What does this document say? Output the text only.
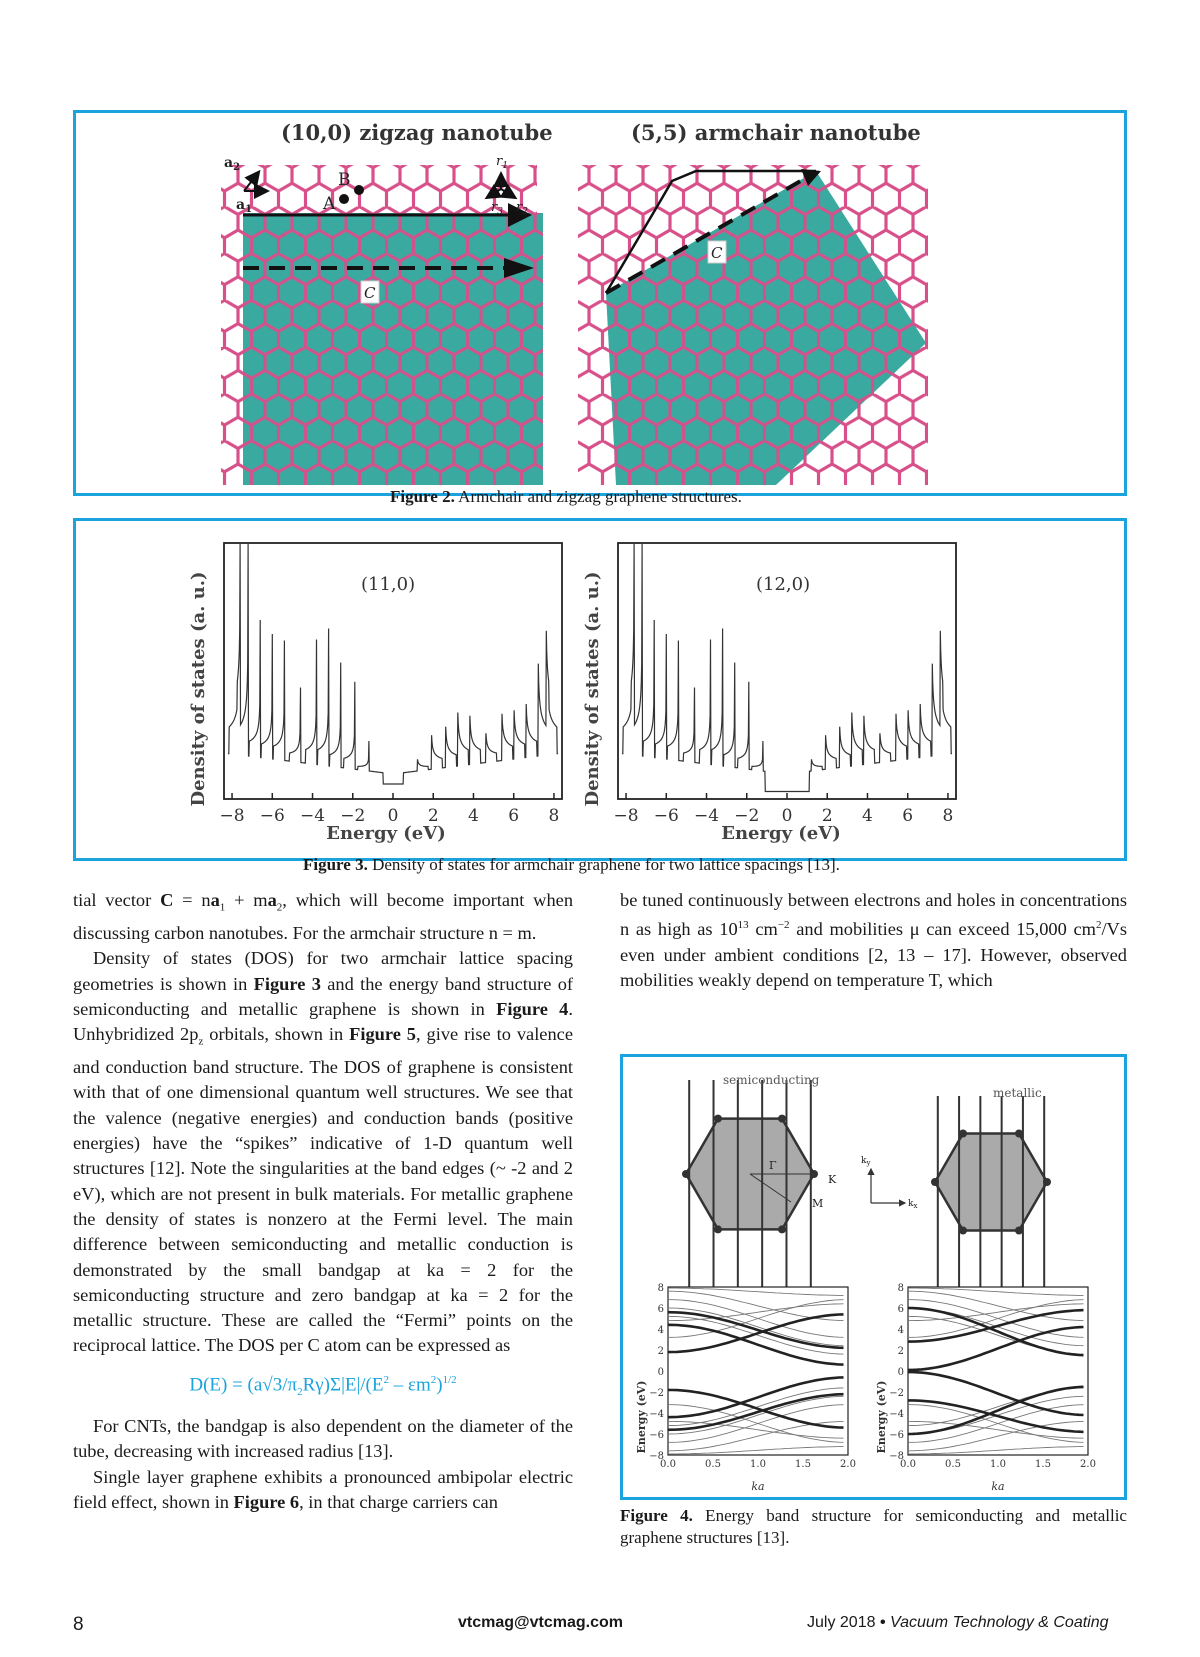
(10,0) zigzag nanotube
$a_2$
$a_1$	A
B
$r_1$
$r_2$
$r_3$
C
C
(5,5) armchair nanotube
Figure 2. Armchair and zigzag graphene structures.
−8 −6 −4 −2 0 2 4 6 8	−8 −6 −4 −2 0 2 4 6 8
(11,0)	(12,0)
Density of states (a. u.)	Density of states (a. u.)
Energy (eV)	Energy (eV)
Figure 3. Density of states for armchair graphene for two lattice spacings [13].

tial vector $C = na_1 + ma_2$, which will become important when discussing carbon nanotubes. For the armchair structure n = m.

Density of states (DOS) for two armchair lattice spacing geometries is shown in Figure 3 and the energy band structure of semiconducting and metallic graphene is shown in Figure 4. Unhybridized $2p_z$ orbitals, shown in Figure 5, give rise to valence and conduction band structure. The DOS of graphene is consistent with that of one dimensional quantum well structures. We see that the valence (negative energies) and conduction bands (positive energies) have the “spikes” indicative of 1-D quantum well structures [12]. Note the singularities at the band edges (~ -2 and 2 eV), which are not present in bulk materials. For metallic graphene the density of states is nonzero at the Fermi level. The main difference between semiconducting and metallic conduction is demonstrated by the small bandgap at ka = 2 for the semiconducting structure and zero bandgap at ka = 2 for the metallic structure. These are called the “Fermi” points on the reciprocal lattice. The DOS per C atom can be expressed as

$D(E) = (a√3/\pi_2R\gamma)\Sigma|E|/(E^2 - \varepsilon m^2)^{1/2}$

For CNTs, the bandgap is also dependent on the diameter of the tube, decreasing with increased radius [13].

Single layer graphene exhibits a pronounced ambipolar electric field effect, shown in Figure 6, in that charge carriers can

be tuned continuously between electrons and holes in concentrations n as high as $10^{13}$ $cm^{-2}$ and mobilities μ can exceed 15,000 $cm^2/Vs$ even under ambient conditions [2, 13 – 17]. However, observed mobilities weakly depend on temperature T, which

semiconducting
metallic
Γ
K
M
$k_y$
$k_x$
8
6
4
2
0
−2
−4
−6
−8
0.0	0.5	1.0	1.5	2.0
8
6
4
2
0
−2
−4
−6
−8
0.0	0.5	1.0	1.5	2.0
Energy (eV)	Energy (eV)
ka	ka
Figure 4. Energy band structure for semiconducting and metallic graphene structures [13].
8	vtcmag@vtcmag.com	July 2018 • Vacuum Technology & Coating
